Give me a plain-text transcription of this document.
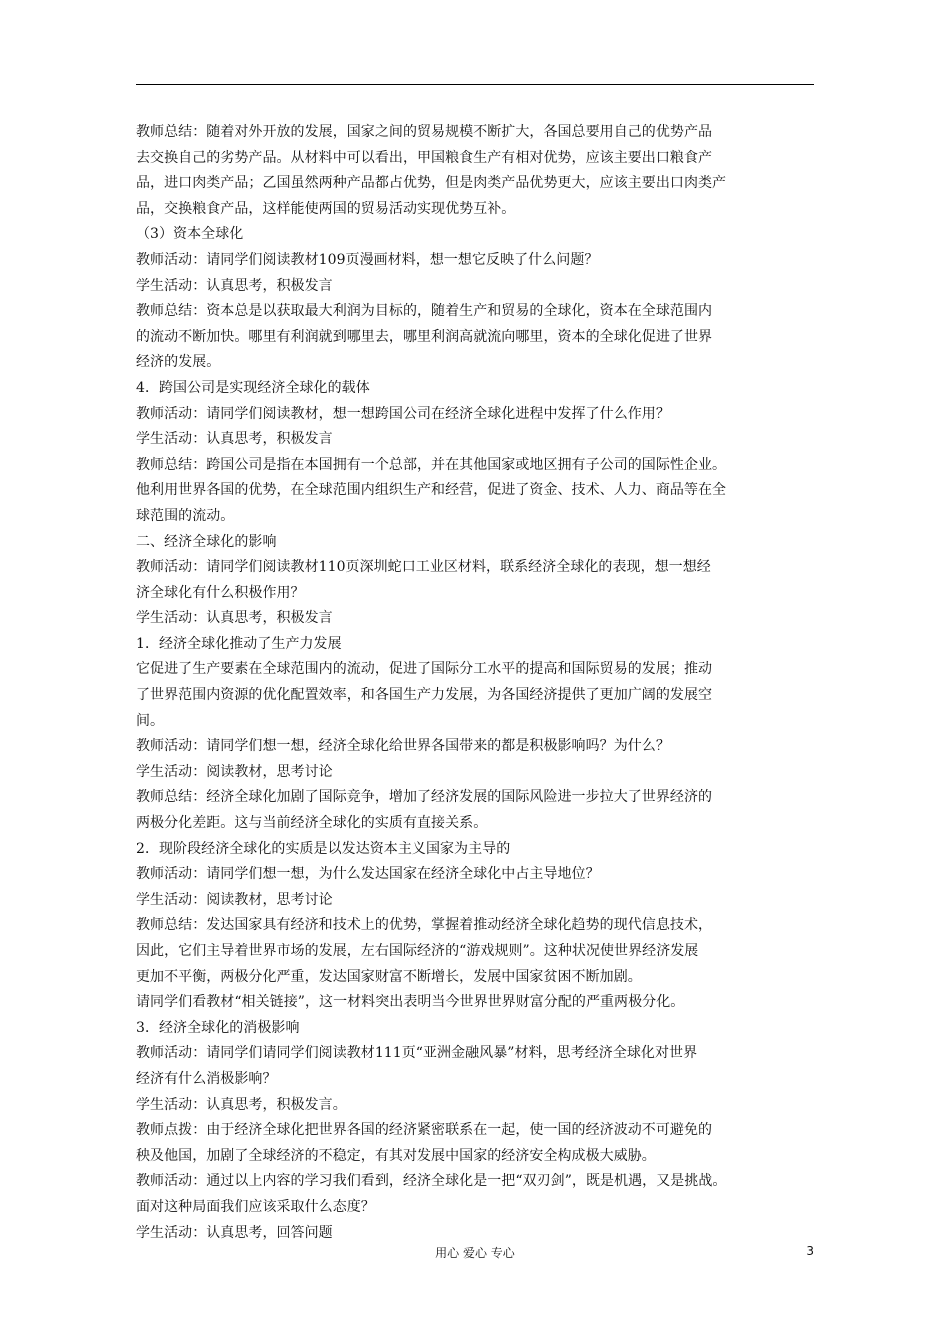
教师总结：随着对外开放的发展，国家之间的贸易规模不断扩大，各国总要用自己的优势产品
去交换自己的劣势产品。从材料中可以看出，甲国粮食生产有相对优势，应该主要出口粮食产
品，进口肉类产品；乙国虽然两种产品都占优势，但是肉类产品优势更大，应该主要出口肉类产
品，交换粮食产品，这样能使两国的贸易活动实现优势互补。
（3）资本全球化
教师活动：请同学们阅读教材109页漫画材料，想一想它反映了什么问题？
学生活动：认真思考，积极发言
教师总结：资本总是以获取最大利润为目标的，随着生产和贸易的全球化，资本在全球范围内
的流动不断加快。哪里有利润就到哪里去，哪里利润高就流向哪里，资本的全球化促进了世界
经济的发展。
4．跨国公司是实现经济全球化的载体
教师活动：请同学们阅读教材，想一想跨国公司在经济全球化进程中发挥了什么作用？
学生活动：认真思考，积极发言
教师总结：跨国公司是指在本国拥有一个总部，并在其他国家或地区拥有子公司的国际性企业。
他利用世界各国的优势，在全球范围内组织生产和经营，促进了资金、技术、人力、商品等在全
球范围的流动。
二、经济全球化的影响
教师活动：请同学们阅读教材110页深圳蛇口工业区材料，联系经济全球化的表现，想一想经
济全球化有什么积极作用？
学生活动：认真思考，积极发言
1．经济全球化推动了生产力发展
它促进了生产要素在全球范围内的流动，促进了国际分工水平的提高和国际贸易的发展；推动
了世界范围内资源的优化配置效率，和各国生产力发展，为各国经济提供了更加广阔的发展空
间。
教师活动：请同学们想一想，经济全球化给世界各国带来的都是积极影响吗？为什么？
学生活动：阅读教材，思考讨论
教师总结：经济全球化加剧了国际竞争，增加了经济发展的国际风险进一步拉大了世界经济的
两极分化差距。这与当前经济全球化的实质有直接关系。
2．现阶段经济全球化的实质是以发达资本主义国家为主导的
教师活动：请同学们想一想，为什么发达国家在经济全球化中占主导地位？
学生活动：阅读教材，思考讨论
教师总结：发达国家具有经济和技术上的优势，掌握着推动经济全球化趋势的现代信息技术，
因此，它们主导着世界市场的发展，左右国际经济的“游戏规则”。这种状况使世界经济发展
更加不平衡，两极分化严重，发达国家财富不断增长，发展中国家贫困不断加剧。
请同学们看教材“相关链接”，这一材料突出表明当今世界世界财富分配的严重两极分化。
3．经济全球化的消极影响
教师活动：请同学们请同学们阅读教材111页“亚洲金融风暴”材料，思考经济全球化对世界
经济有什么消极影响？
学生活动：认真思考，积极发言。
教师点拨：由于经济全球化把世界各国的经济紧密联系在一起，使一国的经济波动不可避免的
秧及他国，加剧了全球经济的不稳定，有其对发展中国家的经济安全构成极大威胁。
教师活动：通过以上内容的学习我们看到，经济全球化是一把“双刃剑”，既是机遇，又是挑战。
面对这种局面我们应该采取什么态度？
学生活动：认真思考，回答问题
用心 爱心 专心	3
